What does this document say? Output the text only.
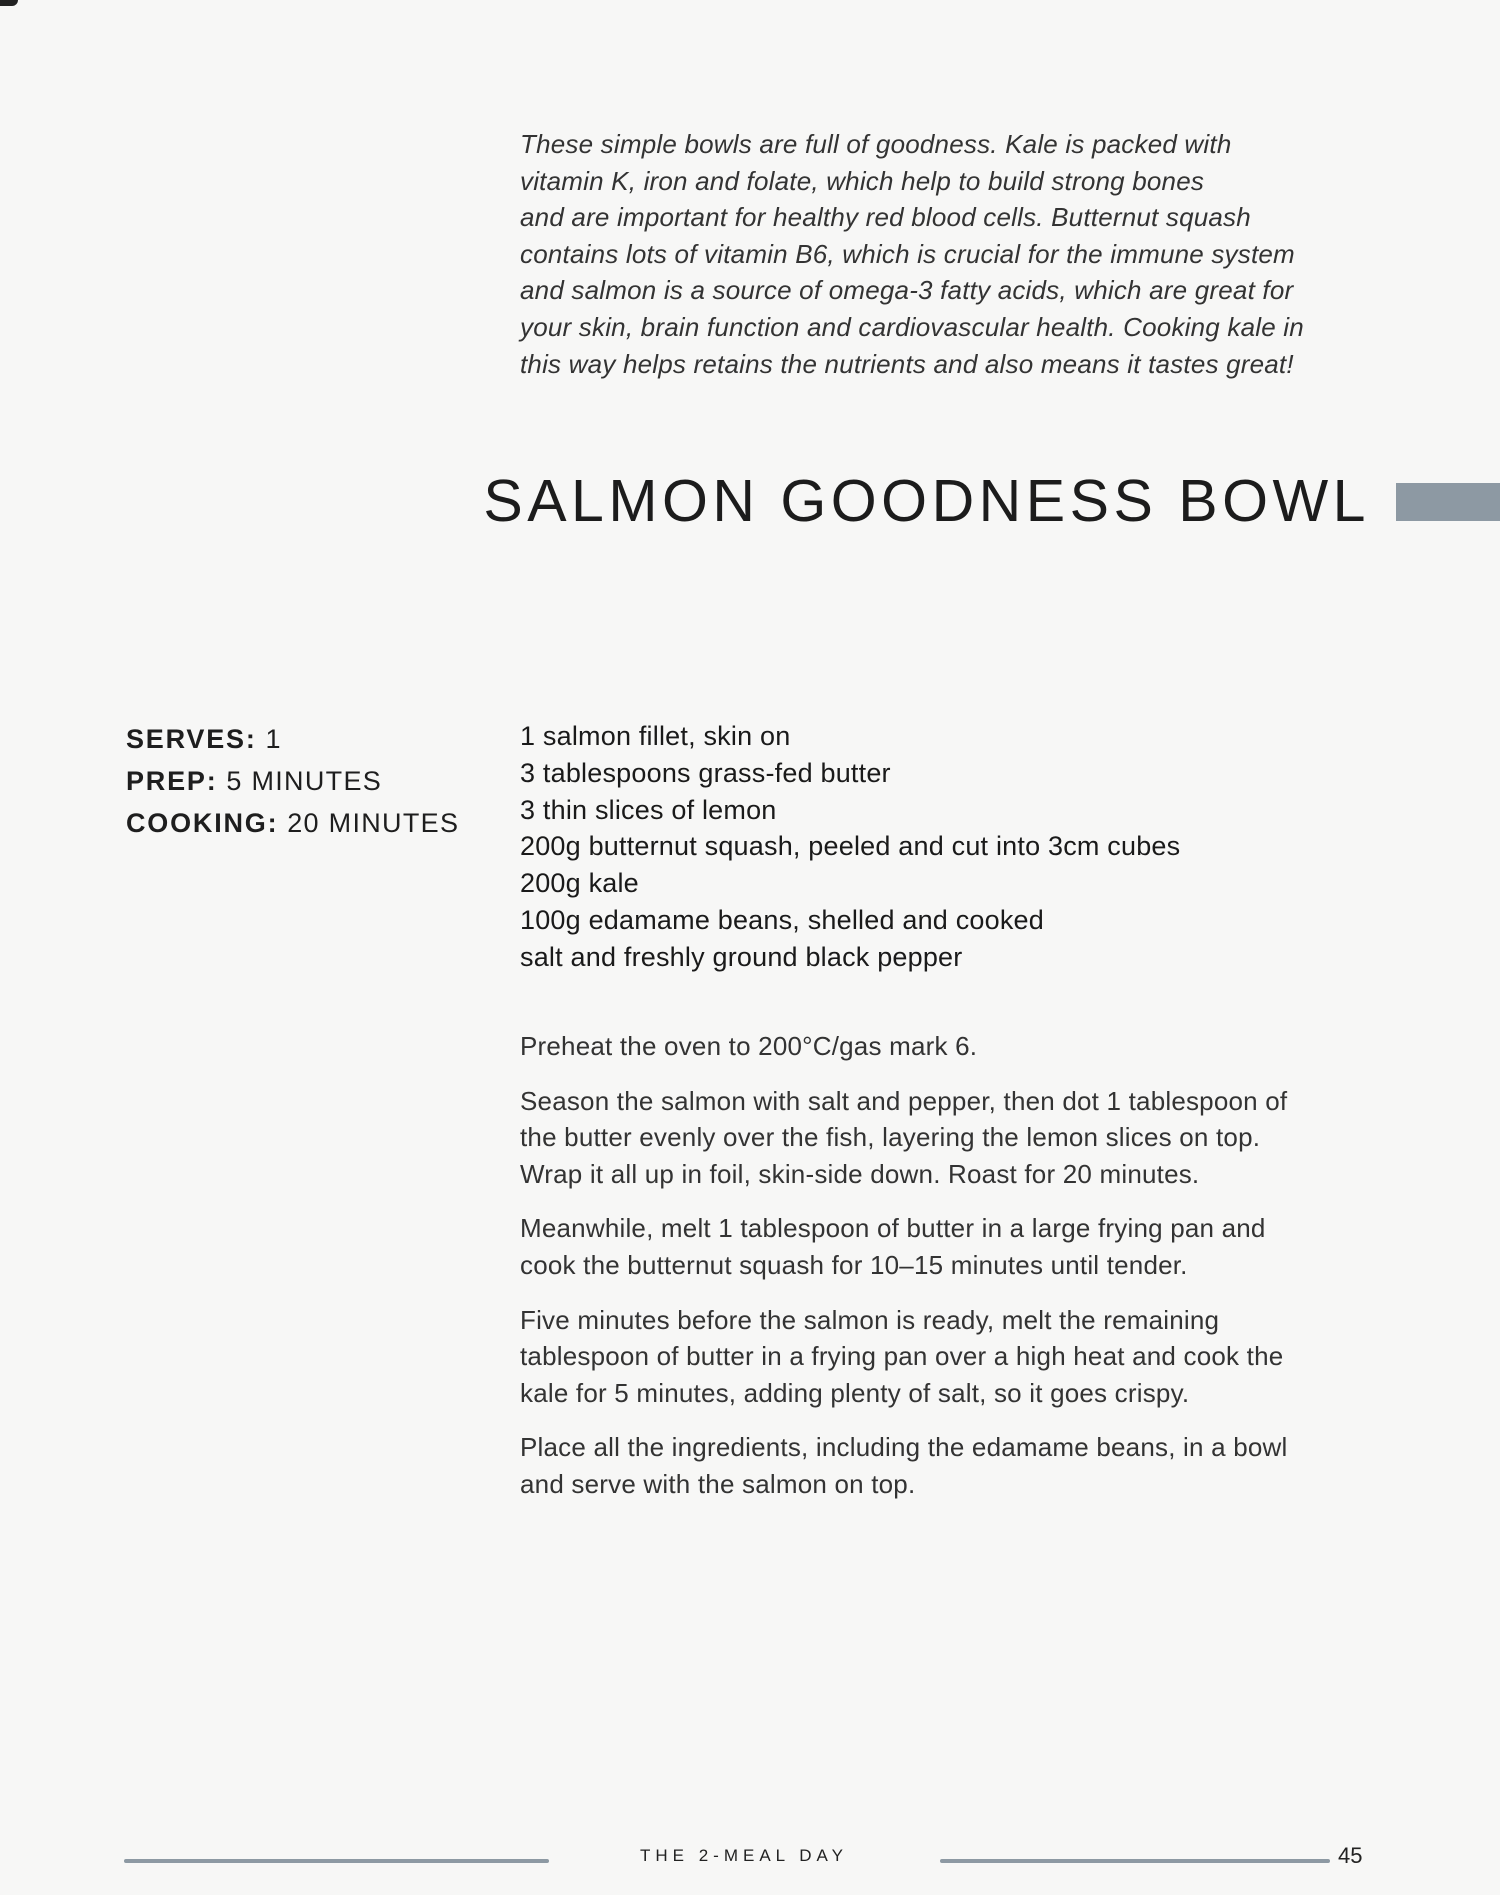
These simple bowls are full of goodness. Kale is packed with
vitamin K, iron and folate, which help to build strong bones
and are important for healthy red blood cells. Butternut squash
contains lots of vitamin B6, which is crucial for the immune system
and salmon is a source of omega-3 fatty acids, which are great for
your skin, brain function and cardiovascular health. Cooking kale in
this way helps retains the nutrients and also means it tastes great!
SALMON GOODNESS BOWL
SERVES: 1
PREP: 5 MINUTES
COOKING: 20 MINUTES
1 salmon fillet, skin on
3 tablespoons grass-fed butter
3 thin slices of lemon
200g butternut squash, peeled and cut into 3cm cubes
200g kale
100g edamame beans, shelled and cooked
salt and freshly ground black pepper

Preheat the oven to 200°C/gas mark 6.

Season the salmon with salt and pepper, then dot 1 tablespoon of
the butter evenly over the fish, layering the lemon slices on top.
Wrap it all up in foil, skin-side down. Roast for 20 minutes.

Meanwhile, melt 1 tablespoon of butter in a large frying pan and
cook the butternut squash for 10–15 minutes until tender.

Five minutes before the salmon is ready, melt the remaining
tablespoon of butter in a frying pan over a high heat and cook the
kale for 5 minutes, adding plenty of salt, so it goes crispy.

Place all the ingredients, including the edamame beans, in a bowl
and serve with the salmon on top.

THE 2-MEAL DAY	45
